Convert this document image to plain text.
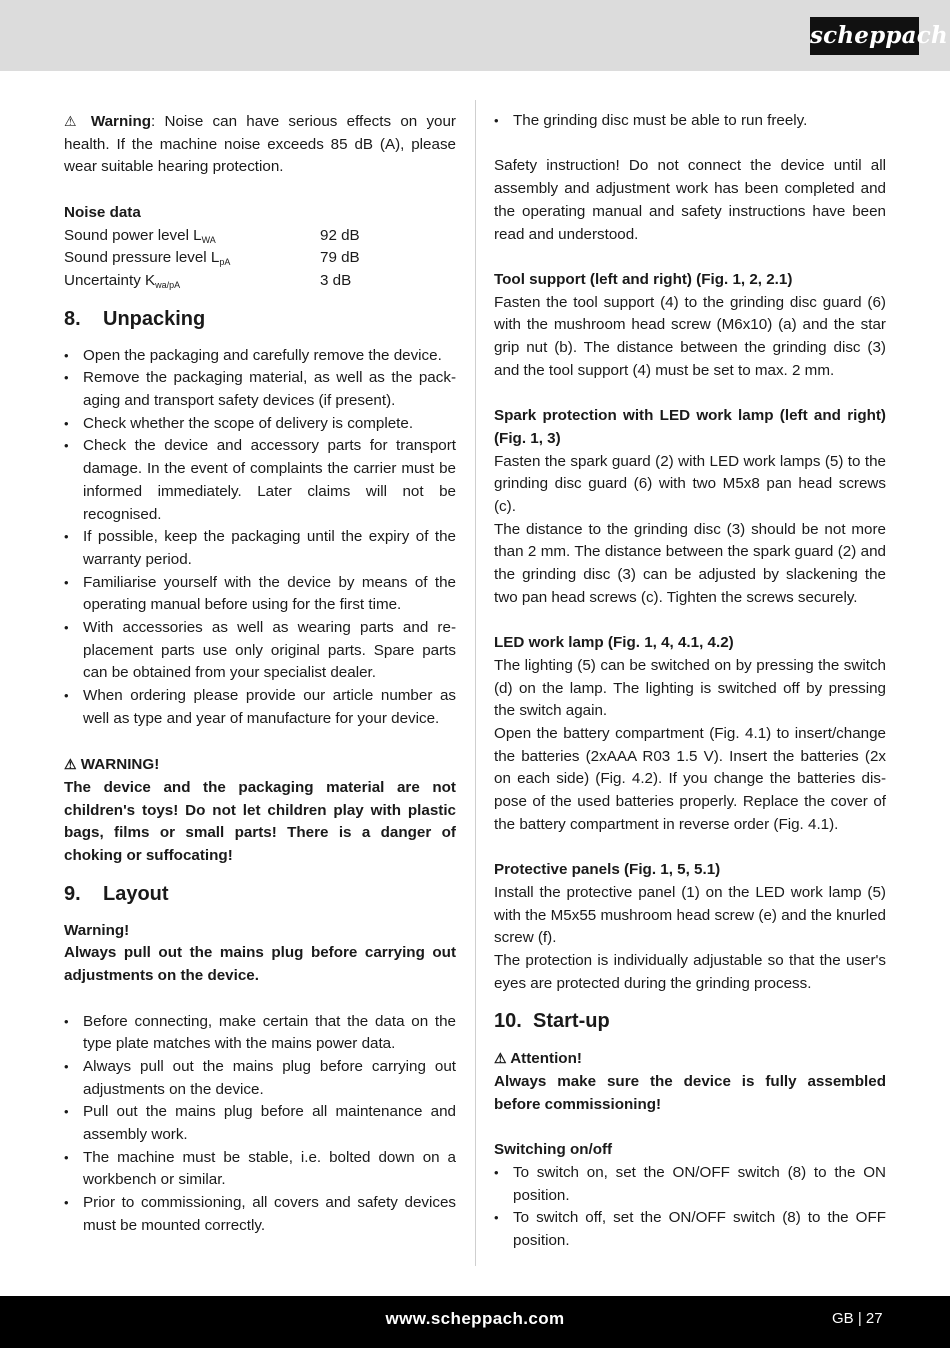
scheppach

⚠ Warning: Noise can have serious effects on your health. If the machine noise exceeds 85 dB (A), please wear suitable hearing protection.

Noise data

Sound power level $L_{WA}$	92 dB
Sound pressure level $L_{pA}$	79 dB
Uncertainty $K_{wa/pA}$	3 dB
8. Unpacking
• Open the packaging and carefully remove the device.
• Remove the packaging material, as well as the packaging and transport safety devices (if present).
• Check whether the scope of delivery is complete.
• Check the device and accessory parts for transport damage. In the event of complaints the carrier must be informed immediately. Later claims will not be recognised.
• If possible, keep the packaging until the expiry of the warranty period.
• Familiarise yourself with the device by means of the operating manual before using for the first time.
• With accessories as well as wearing parts and replacement parts use only original parts. Spare parts can be obtained from your specialist dealer.
• When ordering please provide our article number as well as type and year of manufacture for your device.

⚠ WARNING!

The device and the packaging material are not children's toys! Do not let children play with plastic bags, films or small parts! There is a danger of choking or suffocating!

9. Layout

Warning!

Always pull out the mains plug before carrying out adjustments on the device.

• Before connecting, make certain that the data on the type plate matches with the mains power data.
• Always pull out the mains plug before carrying out adjustments on the device.
• Pull out the mains plug before all maintenance and assembly work.
• The machine must be stable, i.e. bolted down on a workbench or similar.
• Prior to commissioning, all covers and safety devices must be mounted correctly.
• The grinding disc must be able to run freely.

Safety instruction! Do not connect the device until all assembly and adjustment work has been completed and the operating manual and safety instructions have been read and understood.

Tool support (left and right) (Fig. 1, 2, 2.1)

Fasten the tool support (4) to the grinding disc guard (6) with the mushroom head screw (M6x10) (a) and the star grip nut (b). The distance between the grinding disc (3) and the tool support (4) must be set to max. 2 mm.

Spark protection with LED work lamp (left and right) (Fig. 1, 3)

Fasten the spark guard (2) with LED work lamps (5) to the grinding disc guard (6) with two M5x8 pan head screws (c).

The distance to the grinding disc (3) should be not more than 2 mm. The distance between the spark guard (2) and the grinding disc (3) can be adjusted by slackening the two pan head screws (c). Tighten the screws securely.

LED work lamp (Fig. 1, 4, 4.1, 4.2)

The lighting (5) can be switched on by pressing the switch (d) on the lamp. The lighting is switched off by pressing the switch again.

Open the battery compartment (Fig. 4.1) to insert/change the batteries (2xAAA R03 1.5 V). Insert the batteries (2x on each side) (Fig. 4.2). If you change the batteries dispose of the used batteries properly. Replace the cover of the battery compartment in reverse order (Fig. 4.1).

Protective panels (Fig. 1, 5, 5.1)

Install the protective panel (1) on the LED work lamp (5) with the M5x55 mushroom head screw (e) and the knurled screw (f).

The protection is individually adjustable so that the user's eyes are protected during the grinding process.

10. Start-up

⚠ Attention!

Always make sure the device is fully assembled before commissioning!

Switching on/off

• To switch on, set the ON/OFF switch (8) to the ON position.
• To switch off, set the ON/OFF switch (8) to the OFF position.
www.scheppach.com	GB | 27
